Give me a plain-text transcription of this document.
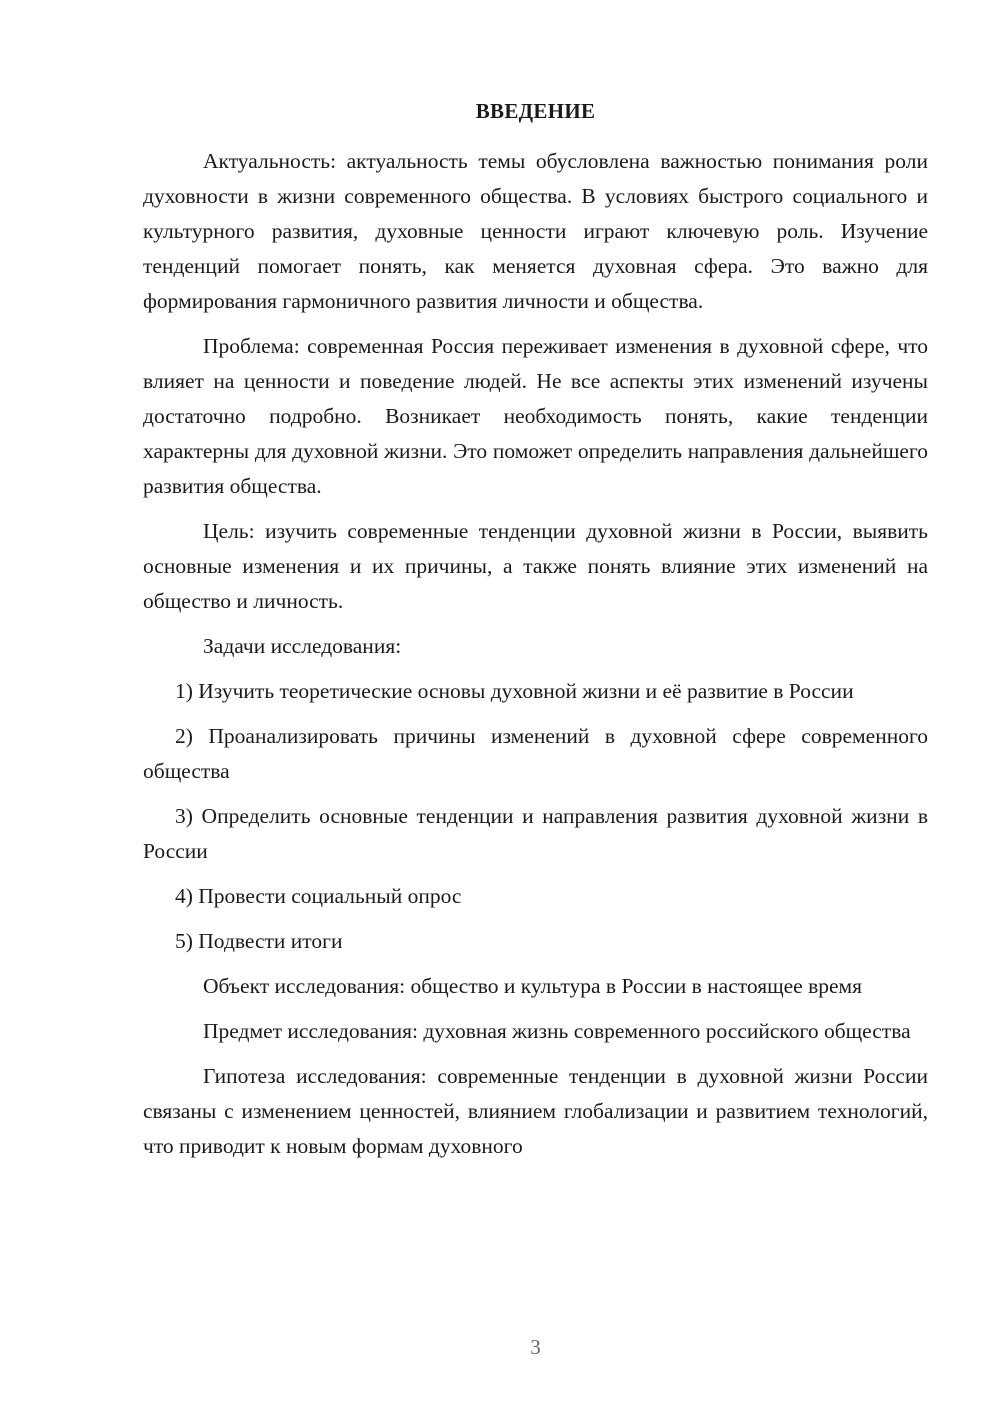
ВВЕДЕНИЕ

Актуальность: актуальность темы обусловлена важностью понимания роли духовности в жизни современного общества. В условиях быстрого социального и культурного развития, духовные ценности играют ключевую роль. Изучение тенденций помогает понять, как меняется духовная сфера. Это важно для формирования гармоничного развития личности и общества.

Проблема: современная Россия переживает изменения в духовной сфере, что влияет на ценности и поведение людей. Не все аспекты этих изменений изучены достаточно подробно. Возникает необходимость понять, какие тенденции характерны для духовной жизни. Это поможет определить направления дальнейшего развития общества.

Цель: изучить современные тенденции духовной жизни в России, выявить основные изменения и их причины, а также понять влияние этих изменений на общество и личность.

Задачи исследования:

1) Изучить теоретические основы духовной жизни и её развитие в России

2) Проанализировать причины изменений в духовной сфере современного общества

3) Определить основные тенденции и направления развития духовной жизни в России

4) Провести социальный опрос

5) Подвести итоги

Объект исследования: общество и культура в России в настоящее время

Предмет исследования: духовная жизнь современного российского общества

Гипотеза исследования: современные тенденции в духовной жизни России связаны с изменением ценностей, влиянием глобализации и развитием технологий, что приводит к новым формам духовного

3
